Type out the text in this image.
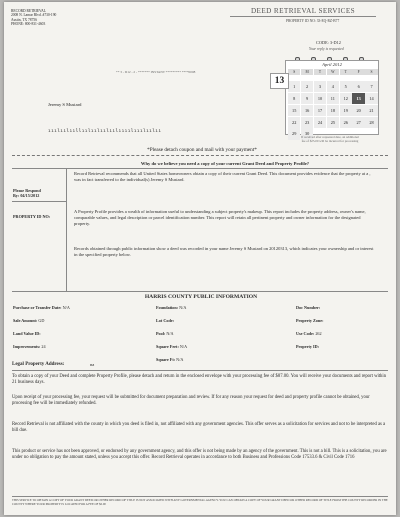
RECORD RETRIEVAL
2008 N. Lamar Blvd. #730-190
Austin, TX 78756
PHONE: 800-831-4603
DEED RETRIEVAL SERVICES
PROPERTY ID NO: 33-EQ-RZ-B77
CODE: 3-D12
Your reply is requested
** 3 - D12 - 2 - ******* INSTANT ********* ****0008
Jeremy S Mustard
ııılıılııllıılıılıılıılıııılııılıılıı
April 2012
S	M	T	W	T	F	S
1	2	3	4	5	6	7
8	9	10	11	12	13	14
15	16	17	18	19	20	21
22	23	24	25	26	27	28
29	30
13
If received after requested date, an additional fee of $25.00 will be incurred for processing
*Please detach coupon and mail with your payment*
Why do we believe you need a copy of your current Grant Deed and Property Profile?
Please Respond
By: 04/15/2012
PROPERTY ID NO:
Record Retrieval recommends that all United States homeowners obtain a copy of their current Grant Deed. This document provides evidence that the property at a , was in fact transferred to the individual(s) Jeremy S Mustard.
A Property Profile provides a wealth of information useful to understanding a subject property's makeup. This report includes the property address, owner's name, comparable values, and legal description or parcel identification number. This report will retain all pertinent property and owner information for the designated property.
Records obtained through public information show a deed was recorded in your name Jeremy S Mustard on 20120313, which indicates your ownership and or interest in the specified property below.
HARRIS COUNTY PUBLIC INFORMATION
Purchase or Transfer Date: N/A
Sale Amount: GD
Land Value ID:
Improvements: 24
Foundation: N/A
Lot Code:
Pool: N/A
Square Feet: N/A
Square Ft: N/A
Doc Number:
Property Zone:
Use Code: 262
Property ID:
Legal Property Address:	na
To obtain a copy of your Deed and complete Property Profile, please detach and return in the enclosed envelope with your processing fee of $87.00. You will receive your documents and report within 21 business days.
Upon receipt of your processing fee, your request will be submitted for document preparation and review. If for any reason your request for deed and property profile cannot be obtained, your processing fee will be immediately refunded.
Record Retrieval is not affiliated with the county in which you deed is filed in, not affiliated with any government agencies. This offer serves as a solicitation for services and not to be interpreted as a bill due.
This product or service has not been approved, or endorsed by any government agency, and this offer is not being made by an agency of the government. This is not a bill. This is a solicitation, you are under no obligation to pay the amount stated, unless you accept this offer. Record Retrieval operates in accordance to both Business and Professions Code 17533.6 & Civil Code 1716
THIS SERVICE TO OBTAIN A COPY OF YOUR GRANT DEED OR OTHER RECORD OF TITLE IS NOT ASSOCIATED WITH ANY GOVERNMENTAL AGENCY. YOU CAN OBTAIN A COPY OF YOUR GRANT DEED OR OTHER RECORD OF TITLE FROM THE COUNTY RECORDER IN THE COUNTY WHERE YOUR PROPERTY IS LOCATED FOR A FEE OF $0.00
